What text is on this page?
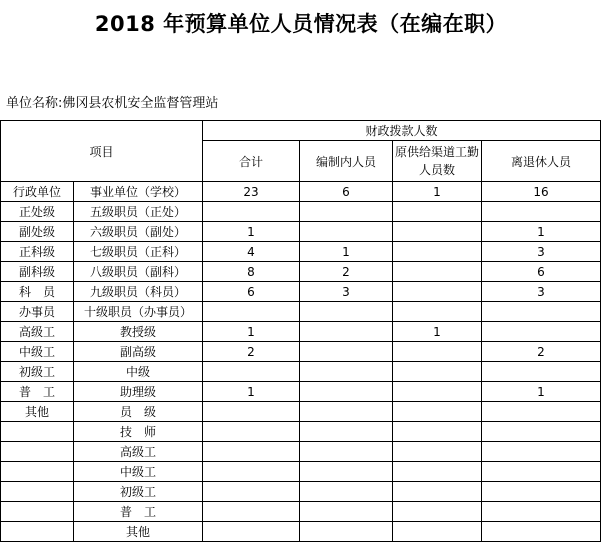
2018 年预算单位人员情况表（在编在职）
单位名称:佛冈县农机安全监督管理站
项目		财政拨款人数			
		合计	编制内人员	原供给渠道工勤人员数	离退休人员
行政单位	事业单位（学校）	23	6	1	16
正处级	五级职员（正处）				
副处级	六级职员（副处）	1			1
正科级	七级职员（正科）	4	1		3
副科级	八级职员（副科）	8	2		6
科　员	九级职员（科员）	6	3		3
办事员	十级职员（办事员）				
高级工	教授级	1		1	
中级工	副高级	2			2
初级工	中级				
普　工	助理级	1			1
其他	员　级				
	技　师				
	高级工				
	中级工				
	初级工				
	普　工				
	其他				
